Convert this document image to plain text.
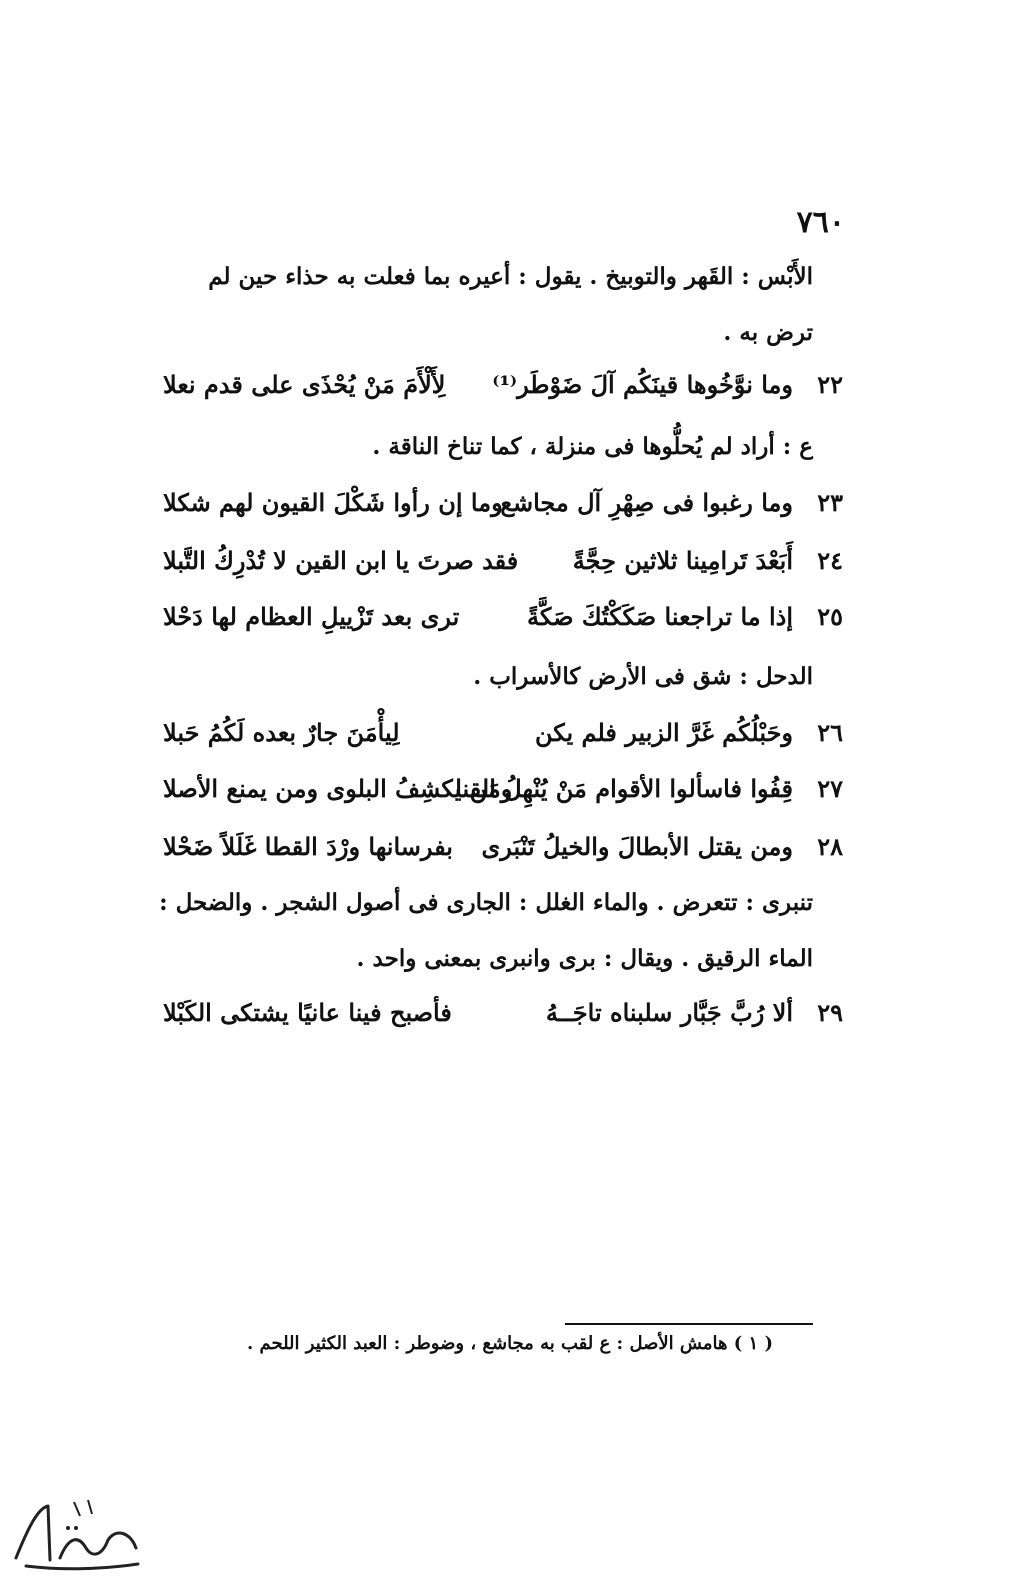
٧٦٠
الأَبْس : القَهر والتوبيخ . يقول : أعيره بما فعلت به حذاء حين لم
ترض به .
٢٢
وما نوَّخُوها قينَكُم آلَ ضَوْطَر⁽¹⁾
لِأَلْأَمَ مَنْ يُحْذَى على قدم نعلا
ع : أراد لم يُحلُّوها فى منزلة ، كما تناخ الناقة .
٢٣
وما رغبوا فى صِهْرِ آل مجاشع
وما إن رأوا شَكْلَ القيون لهم شكلا
٢٤
أَبَعْدَ تَرامِينا ثلاثين حِجَّةً
فقد صرتَ يا ابن القين لا تُدْرِكُ التَّبلا
٢٥
إذا ما تراجعنا صَكَكْتُكَ صَكَّةً
ترى بعد تَزْييلِ العظام لها دَحْلا
الدحل : شق فى الأرض كالأسراب .
٢٦
وحَبْلُكُم غَرَّ الزبير فلم يكن
لِيأْمَنَ جارٌ بعده لَكُمُ حَبلا
٢٧
قِفُوا فاسألوا الأقوام مَنْ يُنْهِلُ القنا
ومَن يكشِفُ البلوى ومن يمنع الأصلا
٢٨
ومن يقتل الأبطالَ والخيلُ تَنْبَرى
بفرسانها ورْدَ القطا غَلَلاً ضَحْلا
تنبرى : تتعرض . والماء الغلل : الجارى فى أصول الشجر . والضحل :
الماء الرقيق . ويقال : برى وانبرى بمعنى واحد .
٢٩
ألا رُبَّ جَبَّار سلبناه تاجَــهُ
فأصبح فينا عانيًا يشتكى الكَبْلا
( ١ ) هامش الأصل : ع لقب به مجاشع ، وضوطر : العبد الكثير اللحم .
